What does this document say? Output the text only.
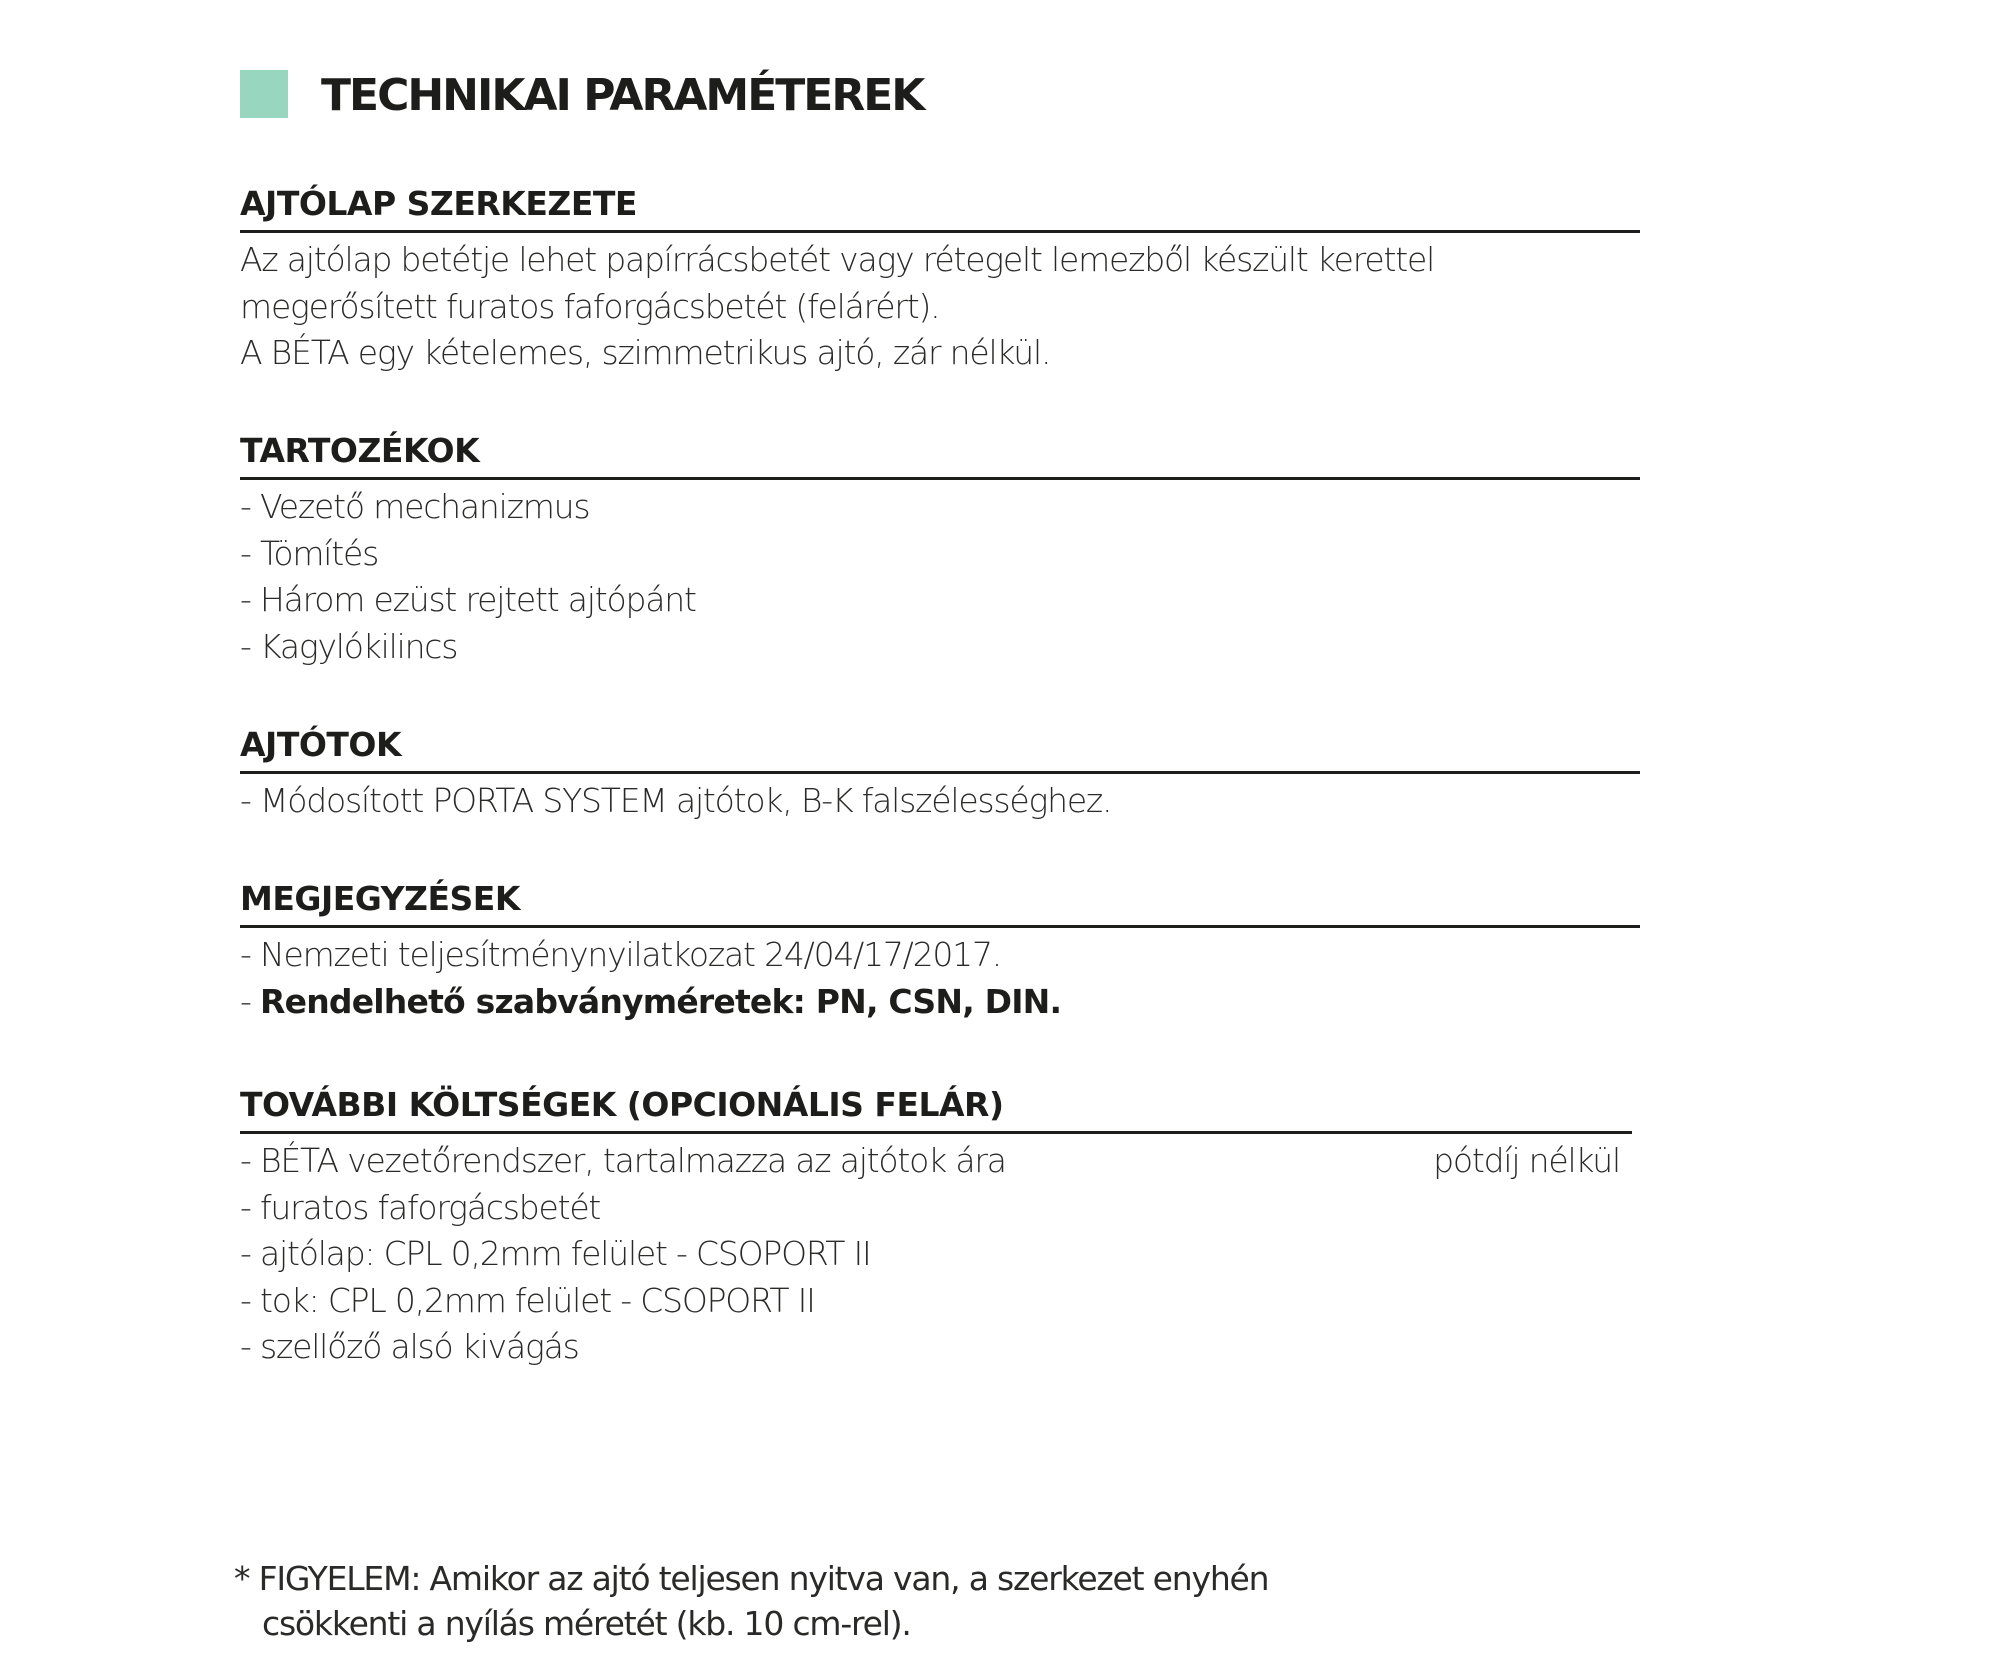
TECHNIKAI PARAMÉTEREK
AJTÓLAP SZERKEZETE
Az ajtólap betétje lehet papírrácsbetét vagy rétegelt lemezből készült kerettel
megerősített furatos faforgácsbetét (felárért).
A BÉTA egy kételemes, szimmetrikus ajtó, zár nélkül.
TARTOZÉKOK
- Vezető mechanizmus
- Tömítés
- Három ezüst rejtett ajtópánt
- Kagylókilincs
AJTÓTOK
- Módosított PORTA SYSTEM ajtótok, B-K falszélességhez.
MEGJEGYZÉSEK
- Nemzeti teljesítménynyilatkozat 24/04/17/2017.
- Rendelhető szabványméretek: PN, CSN, DIN.
TOVÁBBI KÖLTSÉGEK (OPCIONÁLIS FELÁR)
- BÉTA vezetőrendszer, tartalmazza az ajtótok ára	pótdíj nélkül
- furatos faforgácsbetét
- ajtólap: CPL 0,2mm felület - CSOPORT II
- tok: CPL 0,2mm felület - CSOPORT II
- szellőző alsó kivágás
* FIGYELEM: Amikor az ajtó teljesen nyitva van, a szerkezet enyhén
csökkenti a nyílás méretét (kb. 10 cm-rel).
